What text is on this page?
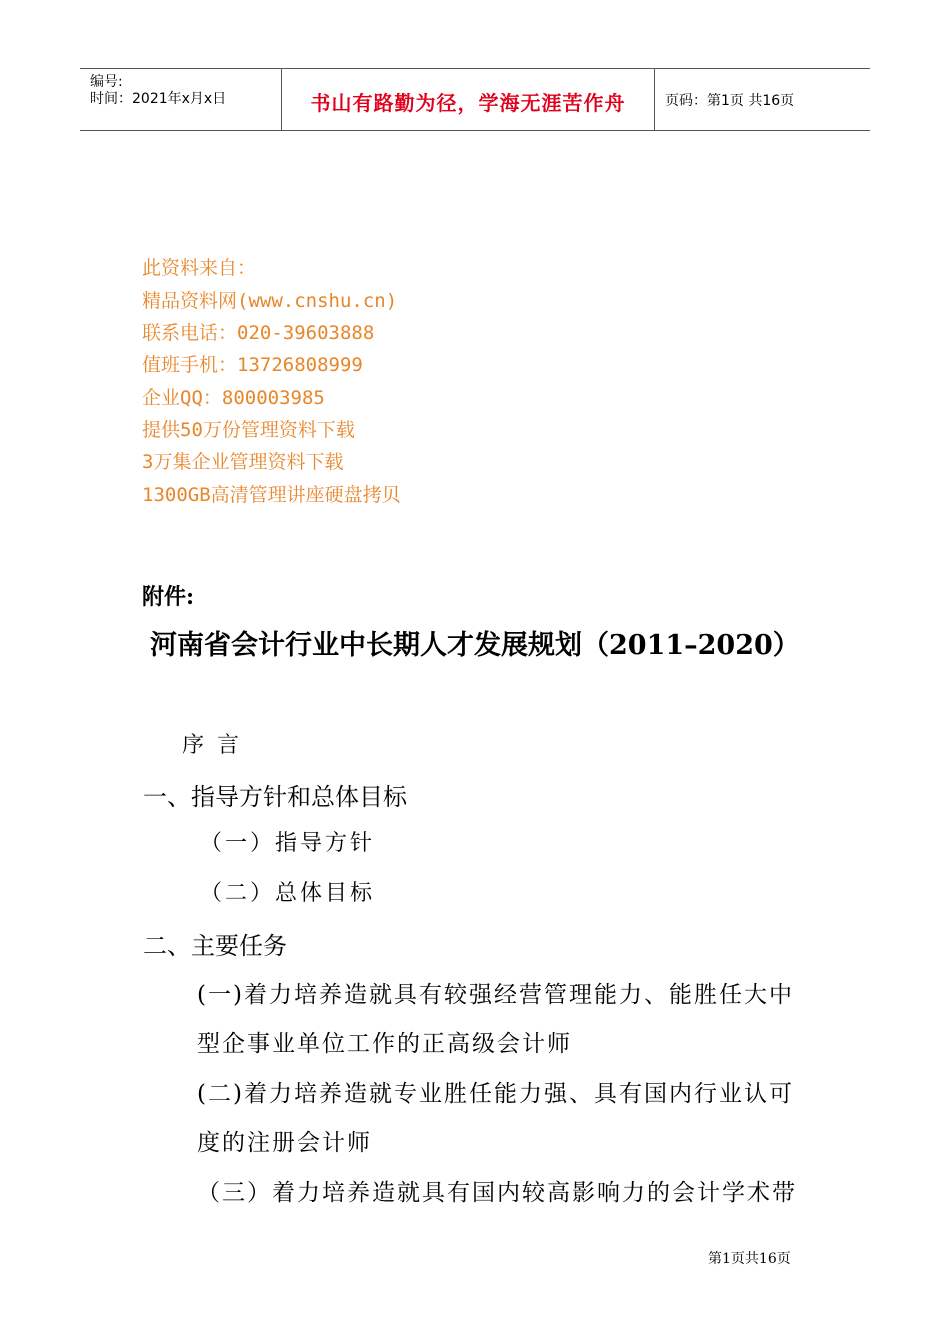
编号:
时间：2021年x月x日	书山有路勤为径，学海无涯苦作舟	页码：第1页 共16页
此资料来自：
精品资料网(www.cnshu.cn)
联系电话：020-39603888
值班手机：13726808999
企业QQ：800003985
提供50万份管理资料下载
3万集企业管理资料下载
1300GB高清管理讲座硬盘拷贝
附件:
河南省会计行业中长期人才发展规划（2011–2020）
序 言
一、指导方针和总体目标
（一）指导方针
（二）总体目标
二、主要任务
(一)着力培养造就具有较强经营管理能力、能胜任大中
型企事业单位工作的正高级会计师
(二)着力培养造就专业胜任能力强、具有国内行业认可
度的注册会计师
（三）着力培养造就具有国内较高影响力的会计学术带
第1页共16页
